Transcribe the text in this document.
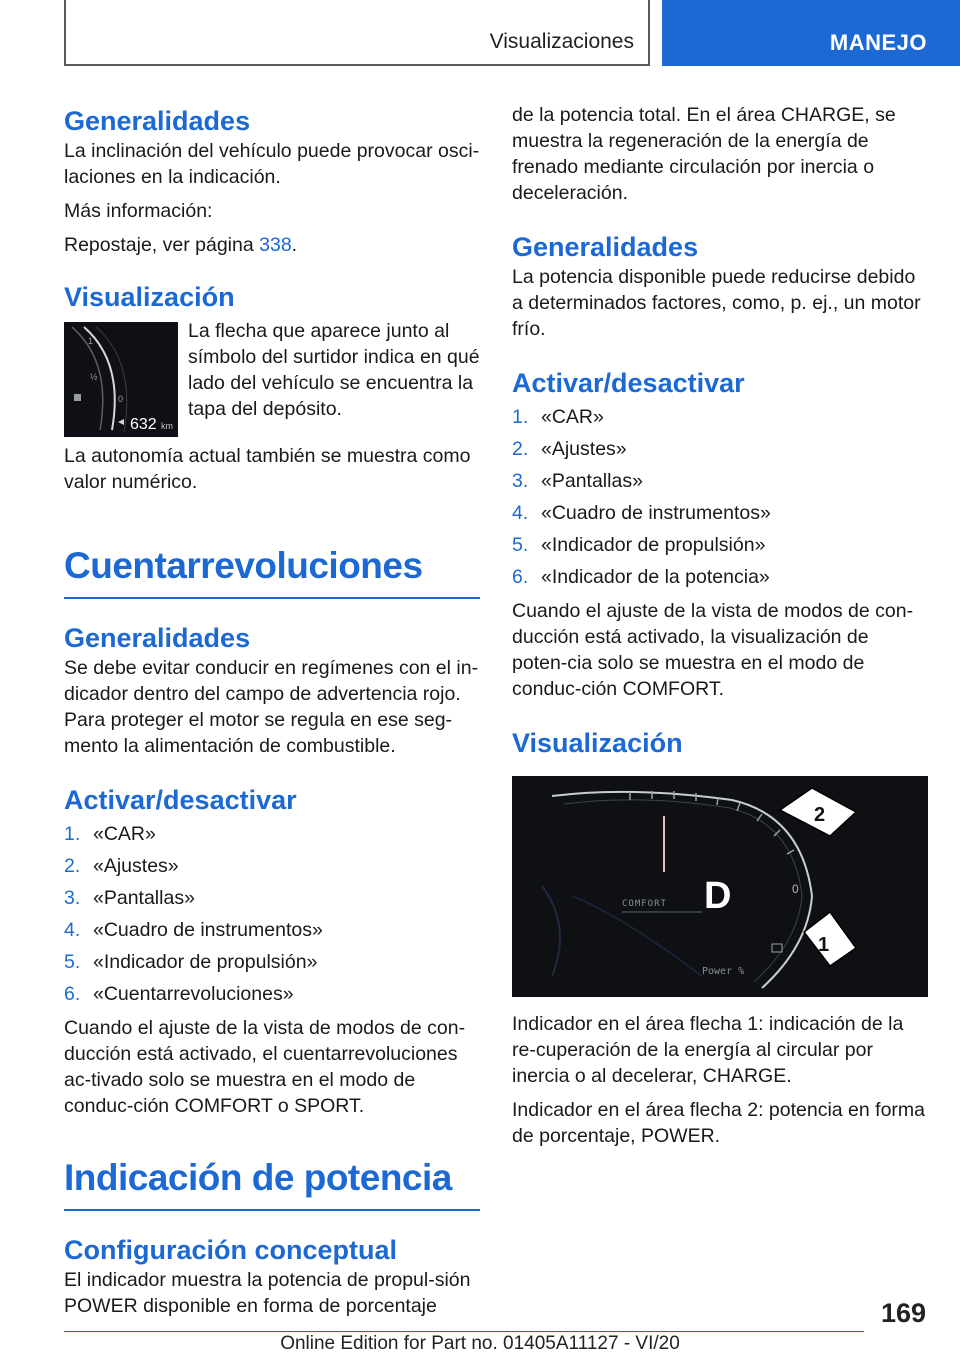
Visualizaciones	MANEJO
Generalidades

La inclinación del vehículo puede provocar osci-laciones en la indicación.

Más información:

Repostaje, ver página 338.

Visualización
1
½
0
632 km

La flecha que aparece junto al símbolo del surtidor indica en qué lado del vehículo se encuentra la tapa del depósito.

La autonomía actual también se muestra como valor numérico.

Cuentarrevoluciones
Generalidades

Se debe evitar conducir en regímenes con el in-dicador dentro del campo de advertencia rojo. Para proteger el motor se regula en ese seg-mento la alimentación de combustible.

Activar/desactivar
1. «CAR»
2. «Ajustes»
3. «Pantallas»
4. «Cuadro de instrumentos»
5. «Indicador de propulsión»
6. «Cuentarrevoluciones»

Cuando el ajuste de la vista de modos de con-ducción está activado, el cuentarrevoluciones ac-tivado solo se muestra en el modo de conduc-ción COMFORT o SPORT.

Indicación de potencia
Configuración conceptual

El indicador muestra la potencia de propul-sión POWER disponible en forma de porcentaje

de la potencia total. En el área CHARGE, se muestra la regeneración de la energía de frenado mediante circulación por inercia o deceleración.

Generalidades

La potencia disponible puede reducirse debido a determinados factores, como, p. ej., un motor frío.

Activar/desactivar
1. «CAR»
2. «Ajustes»
3. «Pantallas»
4. «Cuadro de instrumentos»
5. «Indicador de propulsión»
6. «Indicador de la potencia»

Cuando el ajuste de la vista de modos de con-ducción está activado, la visualización de poten-cia solo se muestra en el modo de conduc-ción COMFORT.

Visualización
COMFORT D	0
Power %
2
1

Indicador en el área flecha 1: indicación de la re-cuperación de la energía al circular por inercia o al decelerar, CHARGE.

Indicador en el área flecha 2: potencia en forma de porcentaje, POWER.

169
Online Edition for Part no. 01405A11127 - VI/20
